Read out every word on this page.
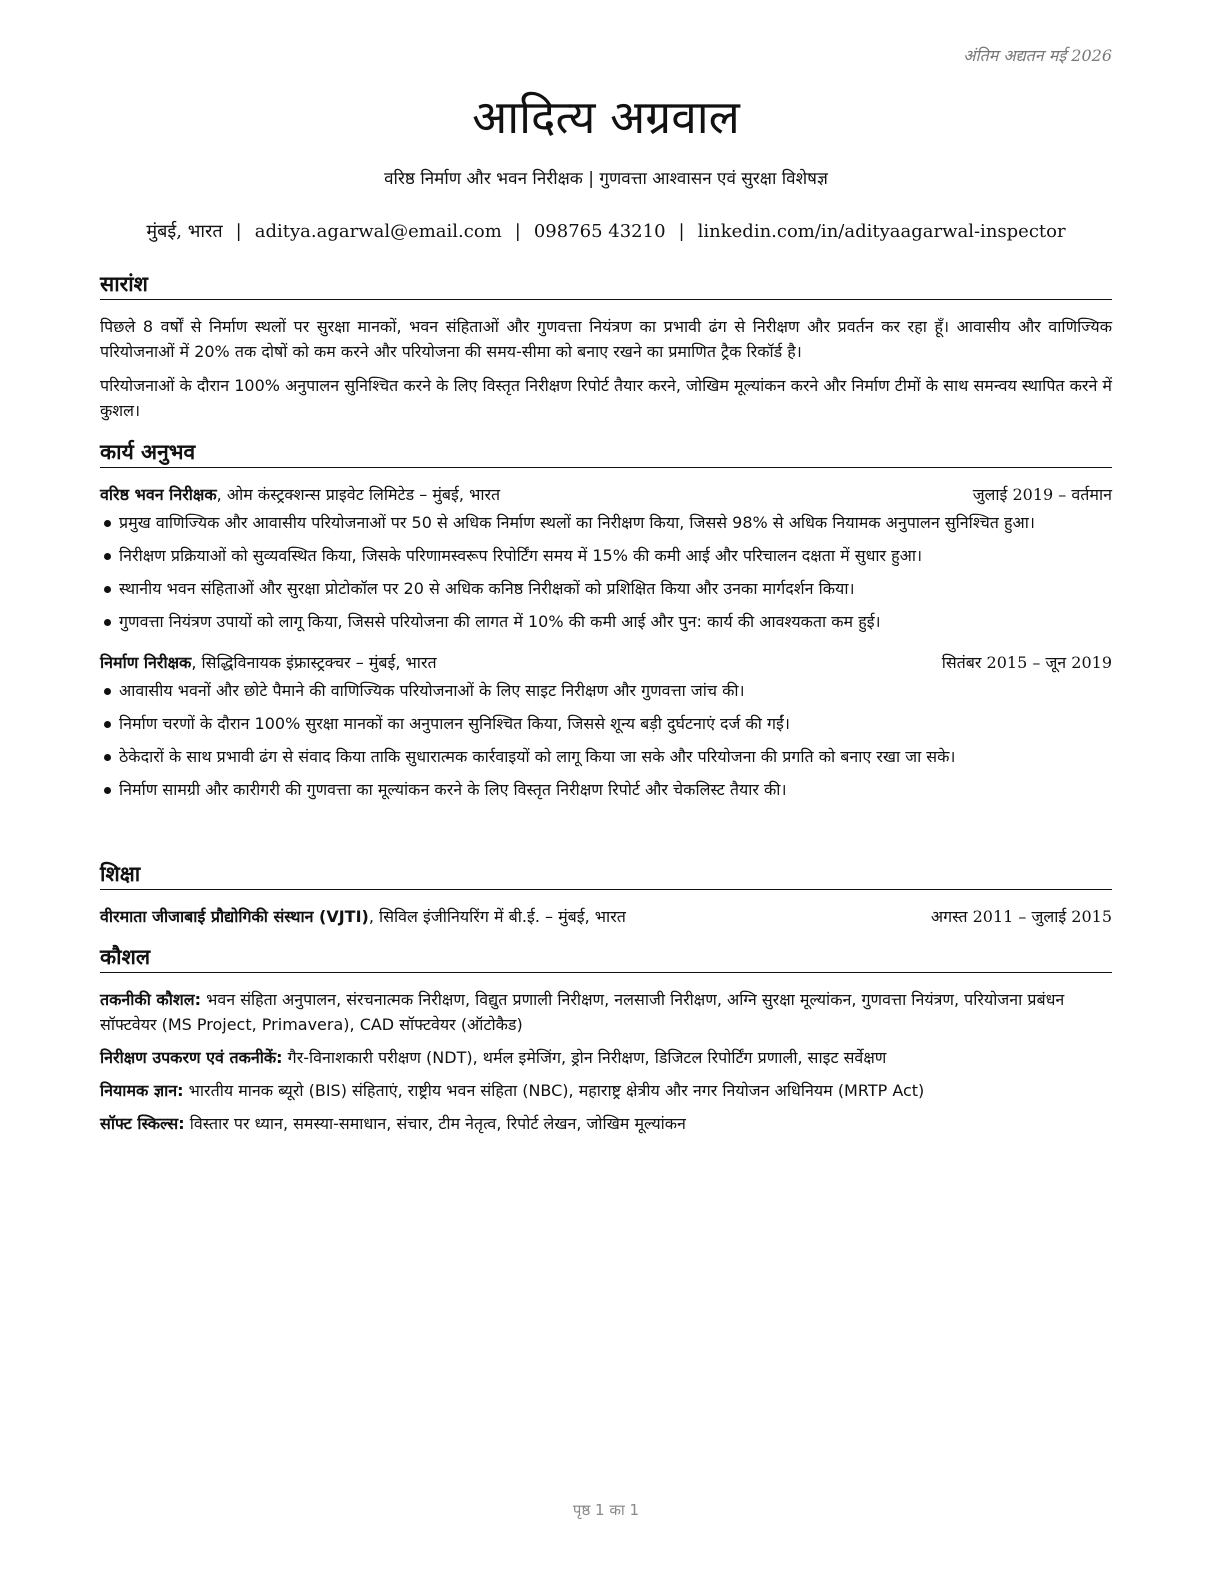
अंतिम अद्यतन मई 2026
आदित्य अग्रवाल
वरिष्ठ निर्माण और भवन निरीक्षक | गुणवत्ता आश्वासन एवं सुरक्षा विशेषज्ञ
मुंबई, भारत | aditya.agarwal@email.com | 098765 43210 | linkedin.com/in/adityaagarwal-inspector
सारांश

पिछले 8 वर्षों से निर्माण स्थलों पर सुरक्षा मानकों, भवन संहिताओं और गुणवत्ता नियंत्रण का प्रभावी ढंग से निरीक्षण और प्रवर्तन कर रहा हूँ। आवासीय और वाणिज्यिक परियोजनाओं में 20% तक दोषों को कम करने और परियोजना की समय-सीमा को बनाए रखने का प्रमाणित ट्रैक रिकॉर्ड है।

परियोजनाओं के दौरान 100% अनुपालन सुनिश्चित करने के लिए विस्तृत निरीक्षण रिपोर्ट तैयार करने, जोखिम मूल्यांकन करने और निर्माण टीमों के साथ समन्वय स्थापित करने में कुशल।

कार्य अनुभव
वरिष्ठ भवन निरीक्षक, ओम कंस्ट्रक्शन्स प्राइवेट लिमिटेड – मुंबई, भारत	जुलाई 2019 – वर्तमान
प्रमुख वाणिज्यिक और आवासीय परियोजनाओं पर 50 से अधिक निर्माण स्थलों का निरीक्षण किया, जिससे 98% से अधिक नियामक अनुपालन सुनिश्चित हुआ।
निरीक्षण प्रक्रियाओं को सुव्यवस्थित किया, जिसके परिणामस्वरूप रिपोर्टिंग समय में 15% की कमी आई और परिचालन दक्षता में सुधार हुआ।
स्थानीय भवन संहिताओं और सुरक्षा प्रोटोकॉल पर 20 से अधिक कनिष्ठ निरीक्षकों को प्रशिक्षित किया और उनका मार्गदर्शन किया।
गुणवत्ता नियंत्रण उपायों को लागू किया, जिससे परियोजना की लागत में 10% की कमी आई और पुन: कार्य की आवश्यकता कम हुई।
निर्माण निरीक्षक, सिद्धिविनायक इंफ्रास्ट्रक्चर – मुंबई, भारत	सितंबर 2015 – जून 2019
आवासीय भवनों और छोटे पैमाने की वाणिज्यिक परियोजनाओं के लिए साइट निरीक्षण और गुणवत्ता जांच की।
निर्माण चरणों के दौरान 100% सुरक्षा मानकों का अनुपालन सुनिश्चित किया, जिससे शून्य बड़ी दुर्घटनाएं दर्ज की गईं।
ठेकेदारों के साथ प्रभावी ढंग से संवाद किया ताकि सुधारात्मक कार्रवाइयों को लागू किया जा सके और परियोजना की प्रगति को बनाए रखा जा सके।
निर्माण सामग्री और कारीगरी की गुणवत्ता का मूल्यांकन करने के लिए विस्तृत निरीक्षण रिपोर्ट और चेकलिस्ट तैयार की।
शिक्षा
वीरमाता जीजाबाई प्रौद्योगिकी संस्थान (VJTI), सिविल इंजीनियरिंग में बी.ई. – मुंबई, भारत	अगस्त 2011 – जुलाई 2015
कौशल

तकनीकी कौशल: भवन संहिता अनुपालन, संरचनात्मक निरीक्षण, विद्युत प्रणाली निरीक्षण, नलसाजी निरीक्षण, अग्नि सुरक्षा मूल्यांकन, गुणवत्ता नियंत्रण, परियोजना प्रबंधन सॉफ्टवेयर (MS Project, Primavera), CAD सॉफ्टवेयर (ऑटोकैड)

निरीक्षण उपकरण एवं तकनीकें: गैर-विनाशकारी परीक्षण (NDT), थर्मल इमेजिंग, ड्रोन निरीक्षण, डिजिटल रिपोर्टिंग प्रणाली, साइट सर्वेक्षण

नियामक ज्ञान: भारतीय मानक ब्यूरो (BIS) संहिताएं, राष्ट्रीय भवन संहिता (NBC), महाराष्ट्र क्षेत्रीय और नगर नियोजन अधिनियम (MRTP Act)

सॉफ्ट स्किल्स: विस्तार पर ध्यान, समस्या-समाधान, संचार, टीम नेतृत्व, रिपोर्ट लेखन, जोखिम मूल्यांकन

पृष्ठ 1 का 1
